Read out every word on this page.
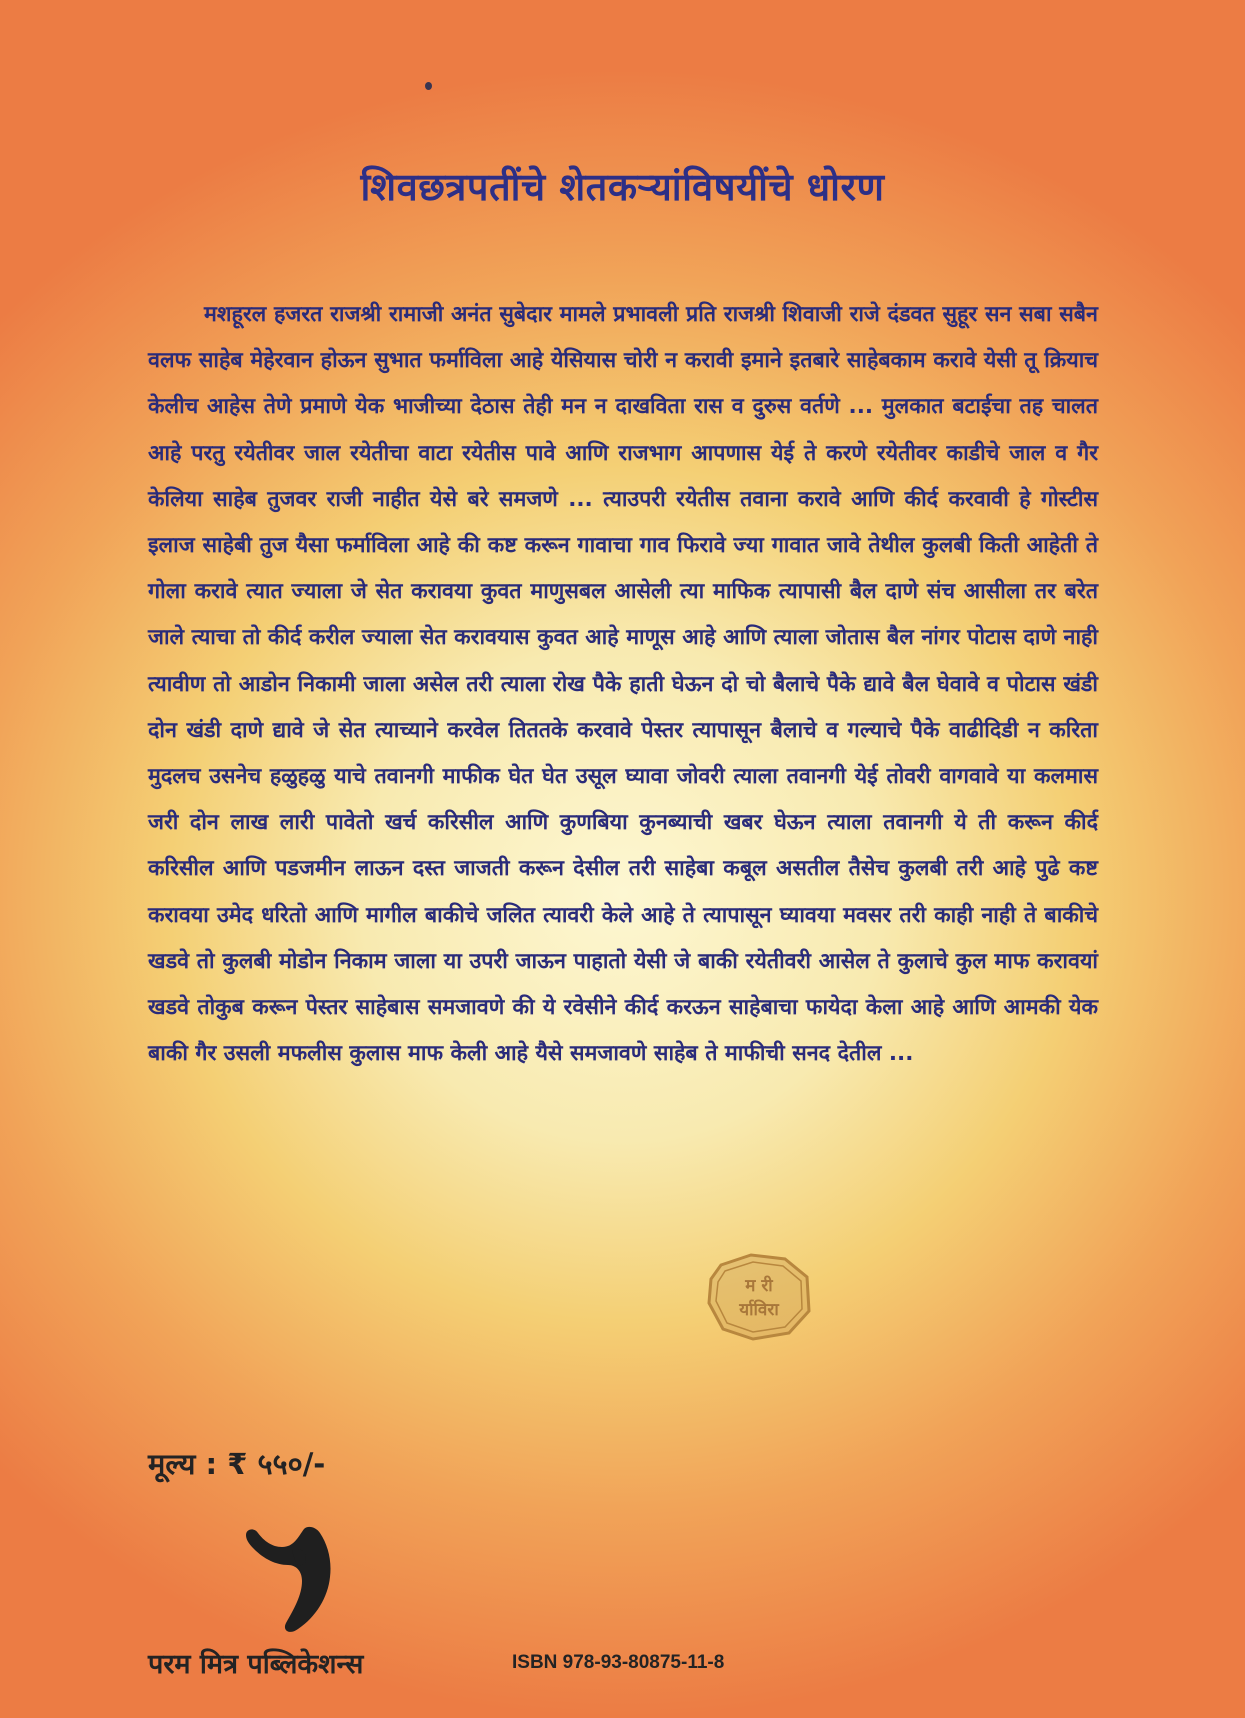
शिवछत्रपतींचे शेतकऱ्यांविषयींचे धोरण

मशहूरल हजरत राजश्री रामाजी अनंत सुबेदार मामले प्रभावली प्रति राजश्री शिवाजी राजे दंडवत सुहूर सन सबा सबैन वलफ साहेब मेहेरवान होऊन सुभात फर्माविला आहे येसियास चोरी न करावी इमाने इतबारे साहेबकाम करावे येसी तू क्रियाच केलीच आहेस तेणे प्रमाणे येक भाजीच्या देठास तेही मन न दाखविता रास व दुरुस वर्तणे ... मुलकात बटाईचा तह चालत आहे परतु रयेतीवर जाल रयेतीचा वाटा रयेतीस पावे आणि राजभाग आपणास येई ते करणे रयेतीवर काडीचे जाल व गैर केलिया साहेब तुजवर राजी नाहीत येसे बरे समजणे ... त्याउपरी रयेतीस तवाना करावे आणि कीर्द करवावी हे गोस्टीस इलाज साहेबी तुज यैसा फर्माविला आहे की कष्ट करून गावाचा गाव फिरावे ज्या गावात जावे तेथील कुलबी किती आहेती ते गोला करावे त्यात ज्याला जे सेत करावया कुवत माणुसबल आसेली त्या माफिक त्यापासी बैल दाणे संच आसीला तर बरेत जाले त्याचा तो कीर्द करील ज्याला सेत करावयास कुवत आहे माणूस आहे आणि त्याला जोतास बैल नांगर पोटास दाणे नाही त्यावीण तो आडोन निकामी जाला असेल तरी त्याला रोख पैके हाती घेऊन दो चो बैलाचे पैके द्यावे बैल घेवावे व पोटास खंडी दोन खंडी दाणे द्यावे जे सेत त्याच्याने करवेल तिततके करवावे पेस्तर त्यापासून बैलाचे व गल्याचे पैके वाढीदिडी न करिता मुदलच उसनेच हळुहळु याचे तवानगी माफीक घेत घेत उसूल घ्यावा जोवरी त्याला तवानगी येई तोवरी वागवावे या कलमास जरी दोन लाख लारी पावेतो खर्च करिसील आणि कुणबिया कुनब्याची खबर घेऊन त्याला तवानगी ये ती करून कीर्द करिसील आणि पडजमीन लाऊन दस्त जाजती करून देसील तरी साहेबा कबूल असतील तैसेच कुलबी तरी आहे पुढे कष्ट करावया उमेद धरितो आणि मागील बाकीचे जलित त्यावरी केले आहे ते त्यापासून घ्यावया मवसर तरी काही नाही ते बाकीचे खडवे तो कुलबी मोडोन निकाम जाला या उपरी जाऊन पाहातो येसी जे बाकी रयेतीवरी आसेल ते कुलाचे कुल माफ करावयां खडवे तोकुब करून पेस्तर साहेबास समजावणे की ये रवेसीने कीर्द करऊन साहेबाचा फायेदा केला आहे आणि आमकी येक बाकी गैर उसली मफलीस कुलास माफ केली आहे यैसे समजावणे साहेब ते माफीची सनद देतील ...

म री
र्याविरा
मूल्य : ₹ ५५०/-
परम मित्र पब्लिकेशन्स	ISBN 978-93-80875-11-8
